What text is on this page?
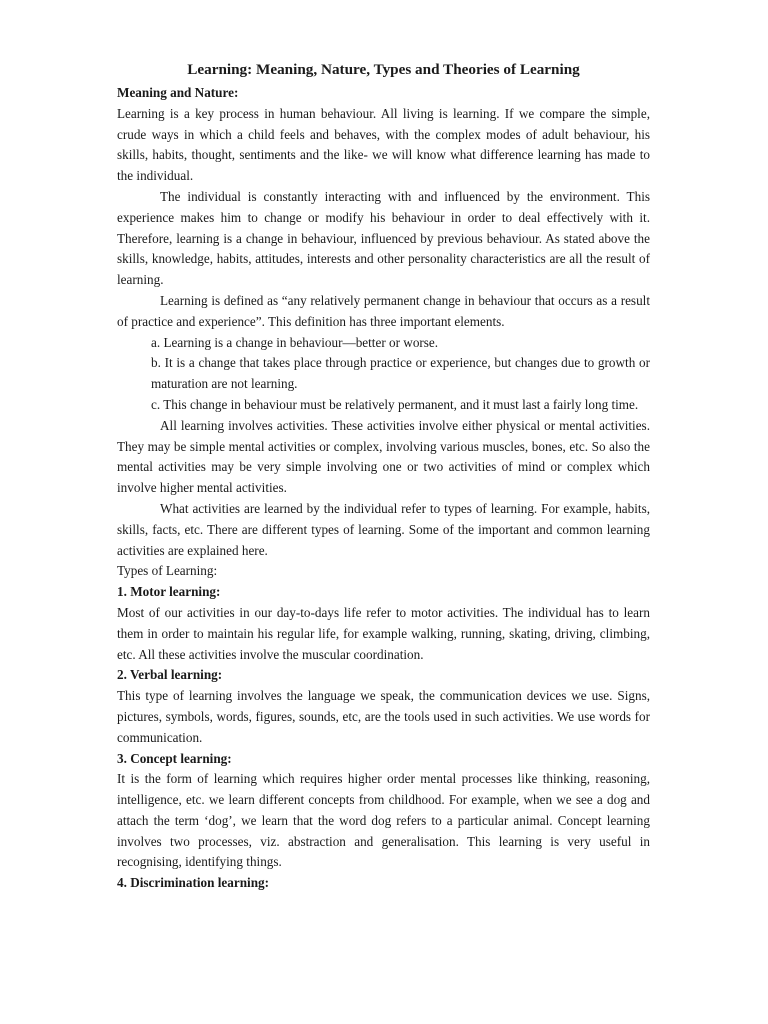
Learning: Meaning, Nature, Types and Theories of Learning
Meaning and Nature:

Learning is a key process in human behaviour. All living is learning. If we compare the simple, crude ways in which a child feels and behaves, with the complex modes of adult behaviour, his skills, habits, thought, sentiments and the like- we will know what difference learning has made to the individual.

The individual is constantly interacting with and influenced by the environment. This experience makes him to change or modify his behaviour in order to deal effectively with it. Therefore, learning is a change in behaviour, influenced by previous behaviour. As stated above the skills, knowledge, habits, attitudes, interests and other personality characteristics are all the result of learning.

Learning is defined as “any relatively permanent change in behaviour that occurs as a result of practice and experience”. This definition has three important elements.

a. Learning is a change in behaviour—better or worse.
b. It is a change that takes place through practice or experience, but changes due to growth or maturation are not learning.
c. This change in behaviour must be relatively permanent, and it must last a fairly long time.

All learning involves activities. These activities involve either physical or mental activities. They may be simple mental activities or complex, involving various muscles, bones, etc. So also the mental activities may be very simple involving one or two activities of mind or complex which involve higher mental activities.

What activities are learned by the individual refer to types of learning. For example, habits, skills, facts, etc. There are different types of learning. Some of the important and common learning activities are explained here.

Types of Learning:
1. Motor learning:

Most of our activities in our day-to-days life refer to motor activities. The individual has to learn them in order to maintain his regular life, for example walking, running, skating, driving, climbing, etc. All these activities involve the muscular coordination.

2. Verbal learning:

This type of learning involves the language we speak, the communication devices we use. Signs, pictures, symbols, words, figures, sounds, etc, are the tools used in such activities. We use words for communication.

3. Concept learning:

It is the form of learning which requires higher order mental processes like thinking, reasoning, intelligence, etc. we learn different concepts from childhood. For example, when we see a dog and attach the term ‘dog’, we learn that the word dog refers to a particular animal. Concept learning involves two processes, viz. abstraction and generalisation. This learning is very useful in recognising, identifying things.

4. Discrimination learning:
